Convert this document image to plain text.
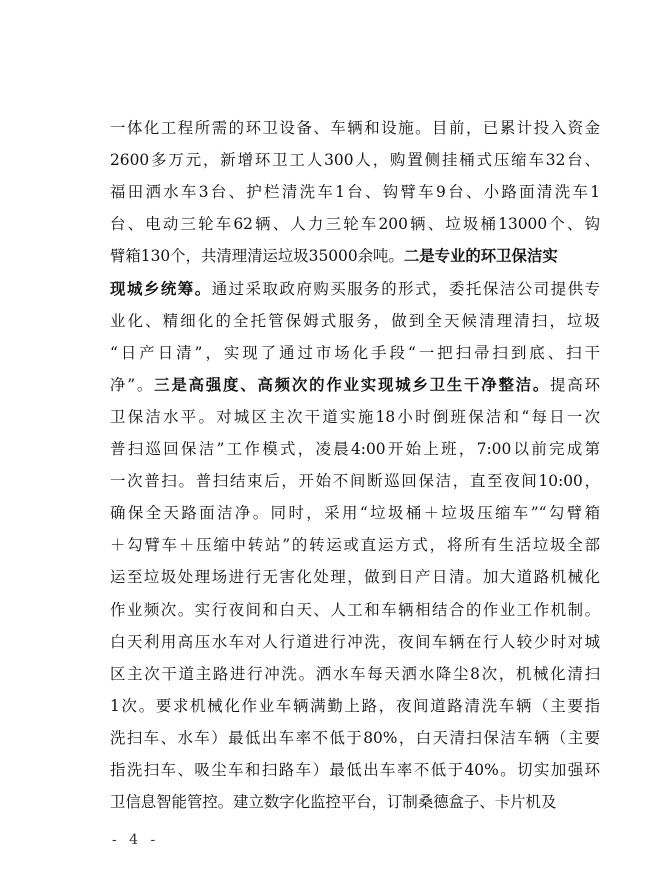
一体化工程所需的环卫设备、车辆和设施。目前，已累计投入资金
2600多万元，新增环卫工人300人，购置侧挂桶式压缩车32台、
福田洒水车3台、护栏清洗车1台、钩臂车9台、小路面清洗车1
台、电动三轮车62辆、人力三轮车200辆、垃圾桶13000个、钩
臂箱130个，共清理清运垃圾35000余吨。二是专业的环卫保洁实
现城乡统筹。通过采取政府购买服务的形式，委托保洁公司提供专
业化、精细化的全托管保姆式服务，做到全天候清理清扫，垃圾
“日产日清”，实现了通过市场化手段“一把扫帚扫到底、扫干
净”。三是高强度、高频次的作业实现城乡卫生干净整洁。提高环
卫保洁水平。对城区主次干道实施18小时倒班保洁和“每日一次
普扫巡回保洁”工作模式，凌晨4:00开始上班，7:00以前完成第
一次普扫。普扫结束后，开始不间断巡回保洁，直至夜间10:00，
确保全天路面洁净。同时，采用“垃圾桶＋垃圾压缩车”“勾臂箱
＋勾臂车＋压缩中转站”的转运或直运方式，将所有生活垃圾全部
运至垃圾处理场进行无害化处理，做到日产日清。加大道路机械化
作业频次。实行夜间和白天、人工和车辆相结合的作业工作机制。
白天利用高压水车对人行道进行冲洗，夜间车辆在行人较少时对城
区主次干道主路进行冲洗。洒水车每天洒水降尘8次，机械化清扫
1次。要求机械化作业车辆满勤上路，夜间道路清洗车辆（主要指
洗扫车、水车）最低出车率不低于80%，白天清扫保洁车辆（主要
指洗扫车、吸尘车和扫路车）最低出车率不低于40%。切实加强环
卫信息智能管控。建立数字化监控平台，订制桑德盒子、卡片机及
- 4 -
